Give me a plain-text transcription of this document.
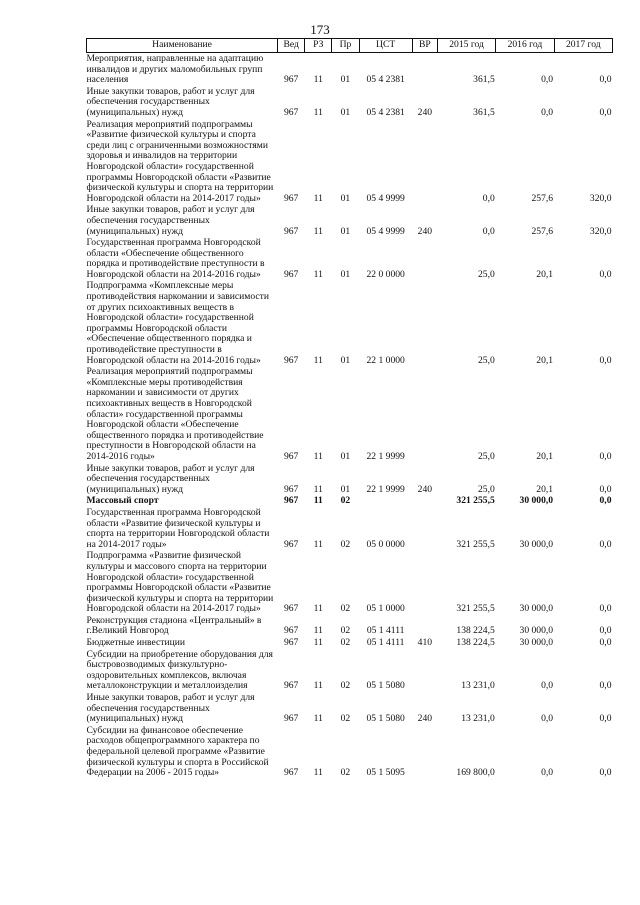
173
Наименование	Вед	РЗ	Пр	ЦСТ	ВР	2015 год	2016 год	2017 год
Мероприятия, направленные на адаптацию инвалидов и других маломобильных групп населения	967	11	01	05 4 2381		361,5	0,0	0,0
Иные закупки товаров, работ и услуг для обеспечения государственных (муниципальных) нужд	967	11	01	05 4 2381	240	361,5	0,0	0,0
Реализация мероприятий подпрограммы «Развитие физической культуры и спорта среди лиц с ограниченными возможностями здоровья и инвалидов на территории Новгородской области» государственной программы Новгородской области «Развитие физической культуры и спорта на территории Новгородской области на 2014-2017 годы»	967	11	01	05 4 9999		0,0	257,6	320,0
Иные закупки товаров, работ и услуг для обеспечения государственных (муниципальных) нужд	967	11	01	05 4 9999	240	0,0	257,6	320,0
Государственная программа Новгородской области «Обеспечение общественного порядка и противодействие преступности в Новгородской области на 2014-2016 годы»	967	11	01	22 0 0000		25,0	20,1	0,0
Подпрограмма «Комплексные меры противодействия наркомании и зависимости от других психоактивных веществ в Новгородской области» государственной программы Новгородской области «Обеспечение общественного порядка и противодействие преступности в Новгородской области на 2014-2016 годы»	967	11	01	22 1 0000		25,0	20,1	0,0
Реализация мероприятий подпрограммы «Комплексные меры противодействия наркомании и зависимости от других психоактивных веществ в Новгородской области» государственной программы Новгородской области «Обеспечение общественного порядка и противодействие преступности в Новгородской области на 2014-2016 годы»	967	11	01	22 1 9999		25,0	20,1	0,0
Иные закупки товаров, работ и услуг для обеспечения государственных (муниципальных) нужд	967	11	01	22 1 9999	240	25,0	20,1	0,0
Массовый спорт	967	11	02			321 255,5	30 000,0	0,0
Государственная программа Новгородской области «Развитие физической культуры и спорта на территории Новгородской области на 2014-2017 годы»	967	11	02	05 0 0000		321 255,5	30 000,0	0,0
Подпрограмма «Развитие физической культуры и массового спорта на территории Новгородской области» государственной программы Новгородской области «Развитие физической культуры и спорта на территории Новгородской области на 2014-2017 годы»	967	11	02	05 1 0000		321 255,5	30 000,0	0,0
Реконструкция стадиона «Центральный» в г.Великий Новгород	967	11	02	05 1 4111		138 224,5	30 000,0	0,0
Бюджетные инвестиции	967	11	02	05 1 4111	410	138 224,5	30 000,0	0,0
Субсидии на приобретение оборудования для быстровозводимых физкультурно-оздоровительных комплексов, включая металлоконструкции и металлоизделия	967	11	02	05 1 5080		13 231,0	0,0	0,0
Иные закупки товаров, работ и услуг для обеспечения государственных (муниципальных) нужд	967	11	02	05 1 5080	240	13 231,0	0,0	0,0
Субсидии на финансовое обеспечение расходов общепрограммного характера по федеральной целевой программе «Развитие физической культуры и спорта в Российской Федерации на 2006 - 2015 годы»	967	11	02	05 1 5095		169 800,0	0,0	0,0
